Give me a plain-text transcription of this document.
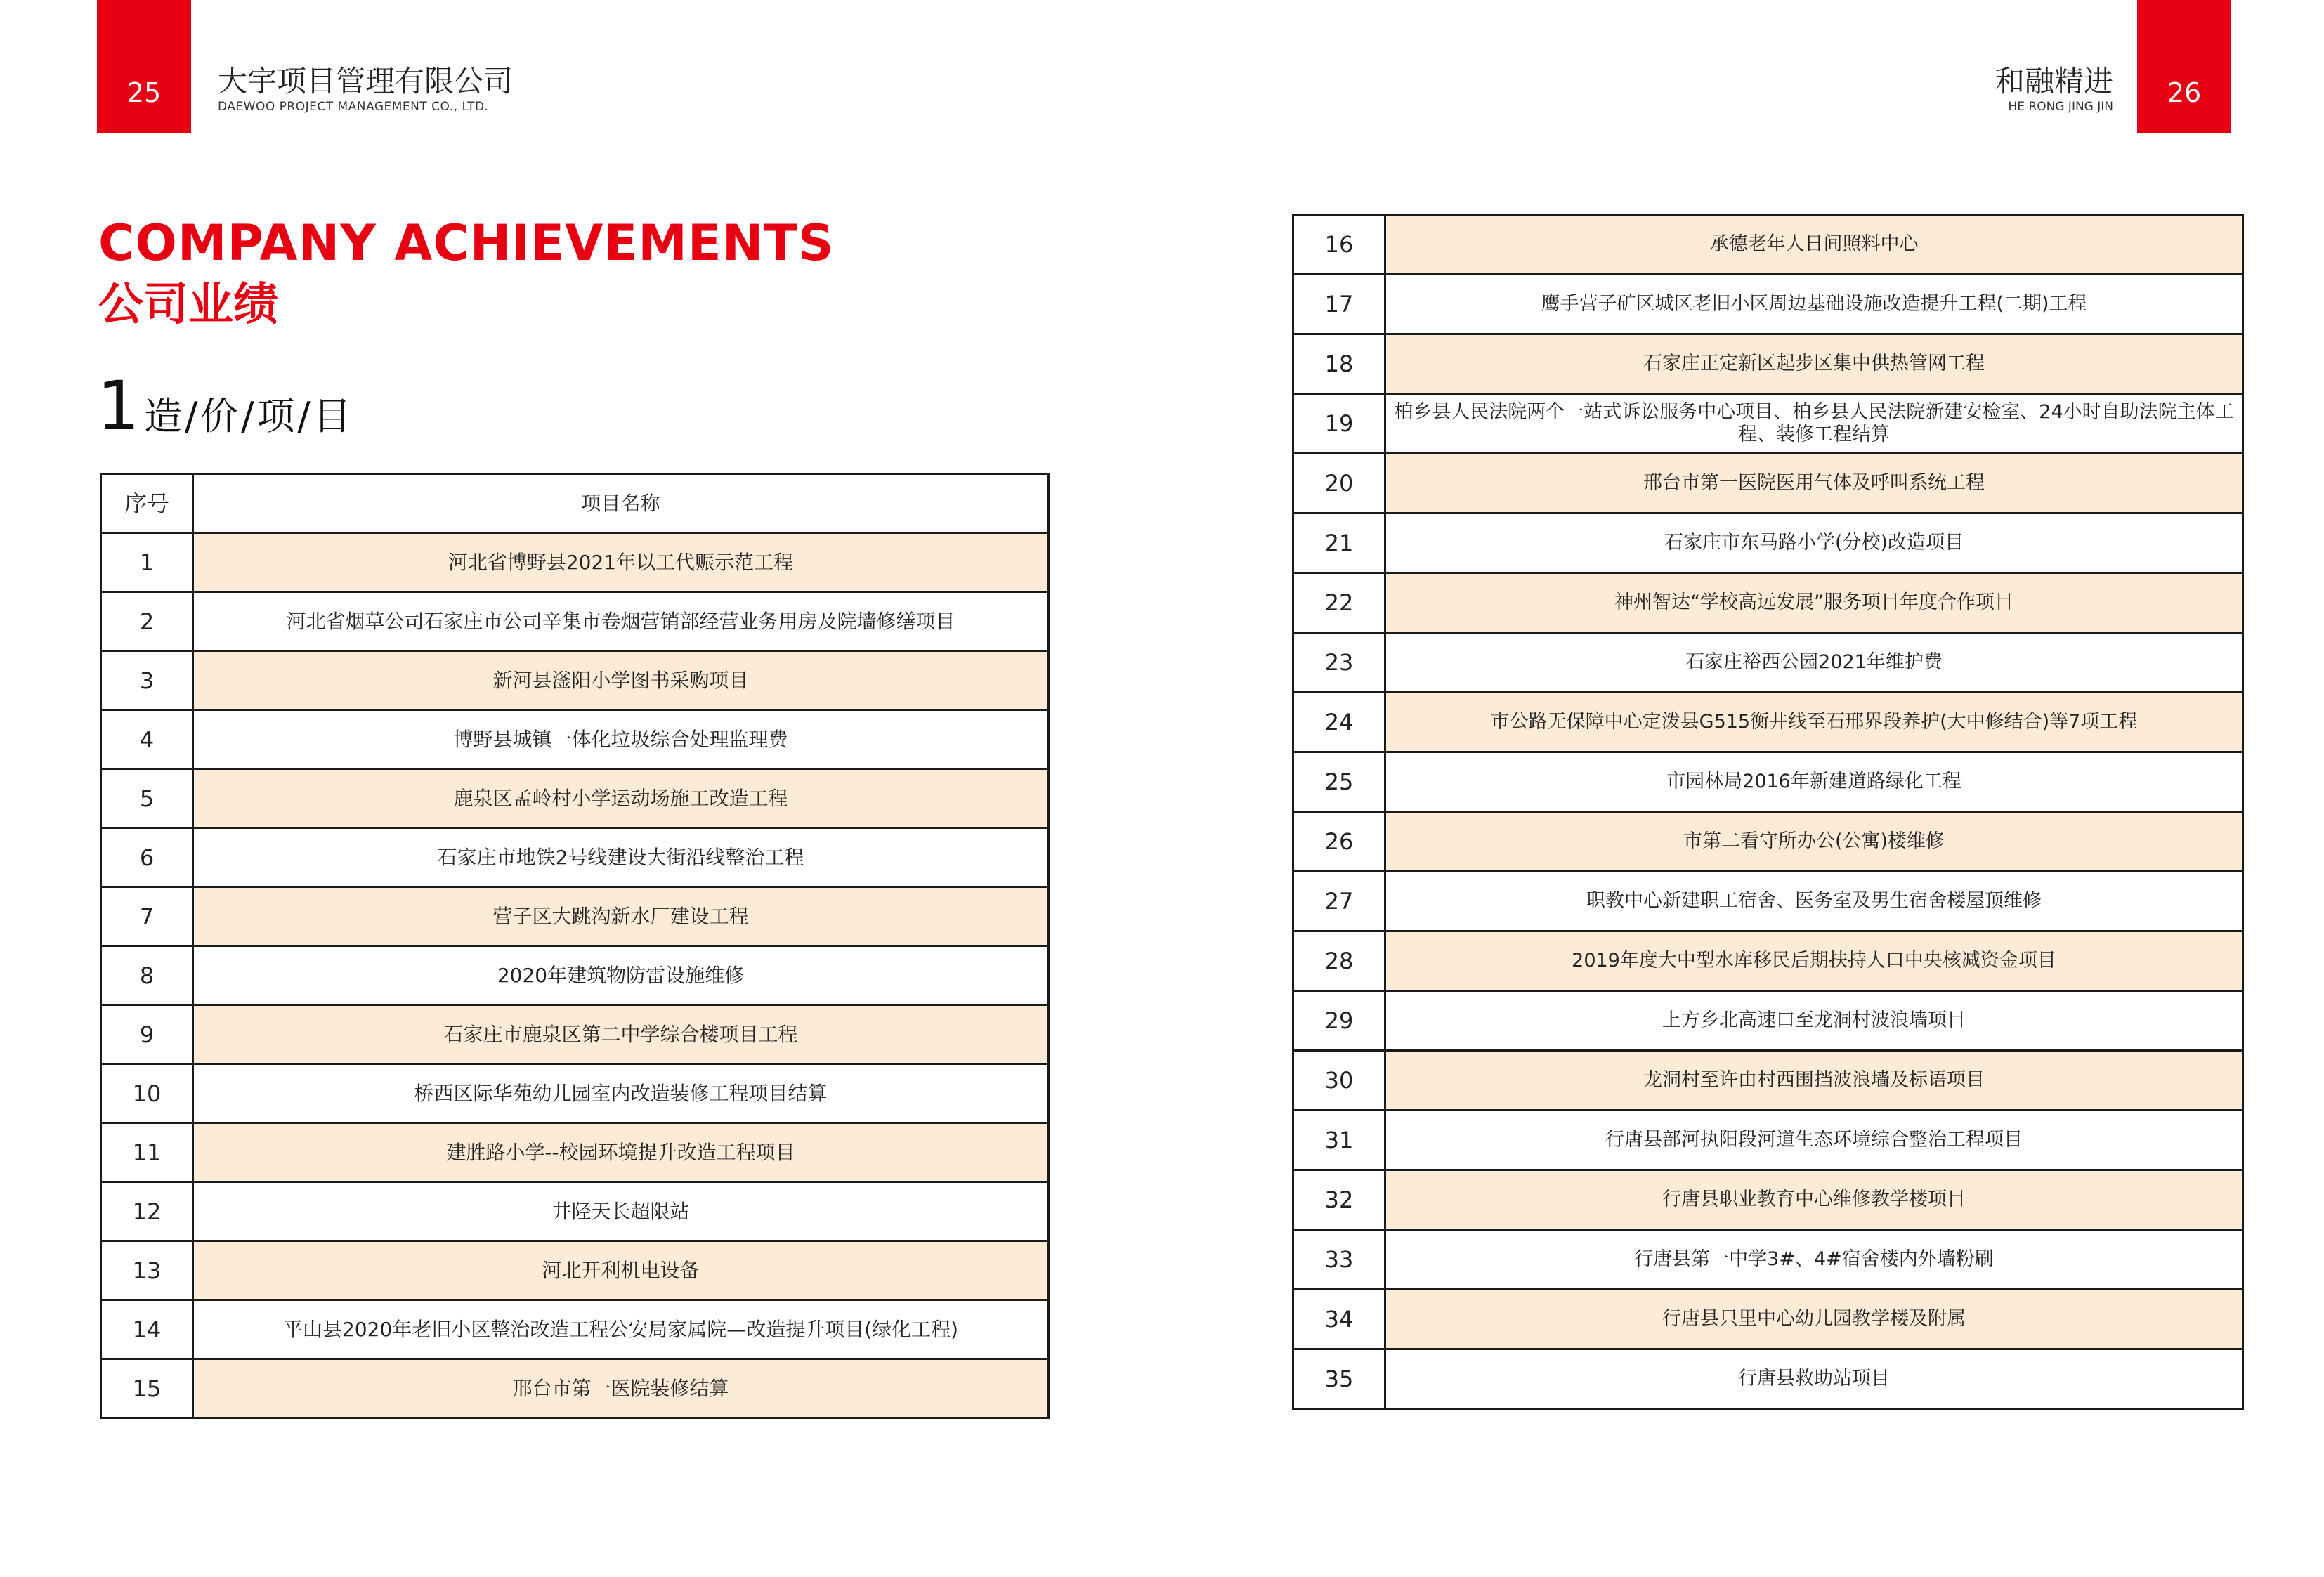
25	26
大宇项目管理有限公司
DAEWOO PROJECT MANAGEMENT CO., LTD.
和融精进
HE RONG JING JIN
COMPANY ACHIEVEMENTS
公司业绩
1 造/价/项/目
序号	项目名称
1	河北省博野县2021年以工代赈示范工程
2	河北省烟草公司石家庄市公司辛集市卷烟营销部经营业务用房及院墙修缮项目
3	新河县滏阳小学图书采购项目
4	博野县城镇一体化垃圾综合处理监理费
5	鹿泉区孟岭村小学运动场施工改造工程
6	石家庄市地铁2号线建设大街沿线整治工程
7	营子区大跳沟新水厂建设工程
8	2020年建筑物防雷设施维修
9	石家庄市鹿泉区第二中学综合楼项目工程
10	桥西区际华苑幼儿园室内改造装修工程项目结算
11	建胜路小学--校园环境提升改造工程项目
12	井陉天长超限站
13	河北开利机电设备
14	平山县2020年老旧小区整治改造工程公安局家属院—改造提升项目(绿化工程)
15	邢台市第一医院装修结算
16	承德老年人日间照料中心
17	鹰手营子矿区城区老旧小区周边基础设施改造提升工程(二期)工程
18	石家庄正定新区起步区集中供热管网工程
19	柏乡县人民法院两个一站式诉讼服务中心项目、柏乡县人民法院新建安检室、24小时自助法院主体工程、装修工程结算
20	邢台市第一医院医用气体及呼叫系统工程
21	石家庄市东马路小学(分校)改造项目
22	神州智达“学校高远发展”服务项目年度合作项目
23	石家庄裕西公园2021年维护费
24	市公路无保障中心定泼县G515衡井线至石邢界段养护(大中修结合)等7项工程
25	市园林局2016年新建道路绿化工程
26	市第二看守所办公(公寓)楼维修
27	职教中心新建职工宿舍、医务室及男生宿舍楼屋顶维修
28	2019年度大中型水库移民后期扶持人口中央核减资金项目
29	上方乡北高速口至龙洞村波浪墙项目
30	龙洞村至许由村西围挡波浪墙及标语项目
31	行唐县部河执阳段河道生态环境综合整治工程项目
32	行唐县职业教育中心维修教学楼项目
33	行唐县第一中学3#、4#宿舍楼内外墙粉刷
34	行唐县只里中心幼儿园教学楼及附属
35	行唐县救助站项目
